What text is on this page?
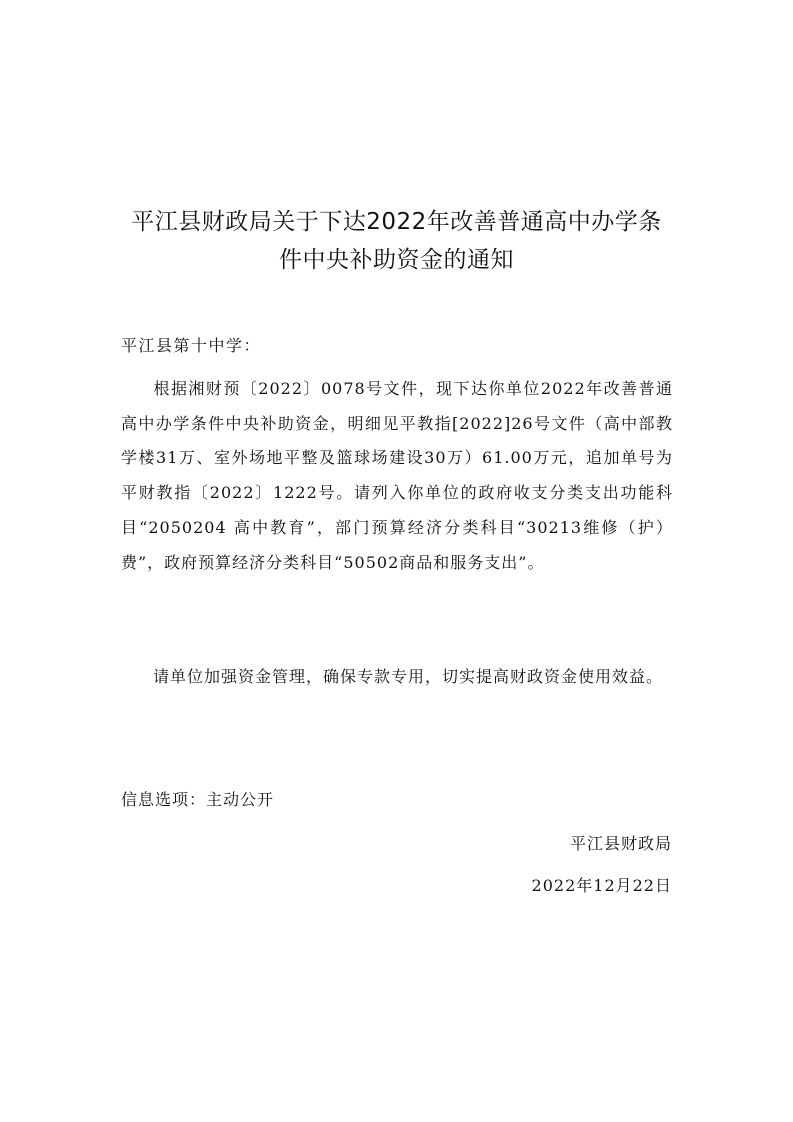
平江县财政局关于下达2022年改善普通高中办学条
件中央补助资金的通知
平江县第十中学：
根据湘财预〔2022〕0078号文件，现下达你单位2022年改善普通高中办学条件中央补助资金，明细见平教指[2022]26号文件（高中部教学楼31万、室外场地平整及篮球场建设30万）61.00万元，追加单号为平财教指〔2022〕1222号。请列入你单位的政府收支分类支出功能科目“2050204 高中教育”，部门预算经济分类科目“30213维修（护）费”，政府预算经济分类科目“50502商品和服务支出”。
请单位加强资金管理，确保专款专用，切实提高财政资金使用效益。
信息选项：主动公开
平江县财政局
2022年12月22日
